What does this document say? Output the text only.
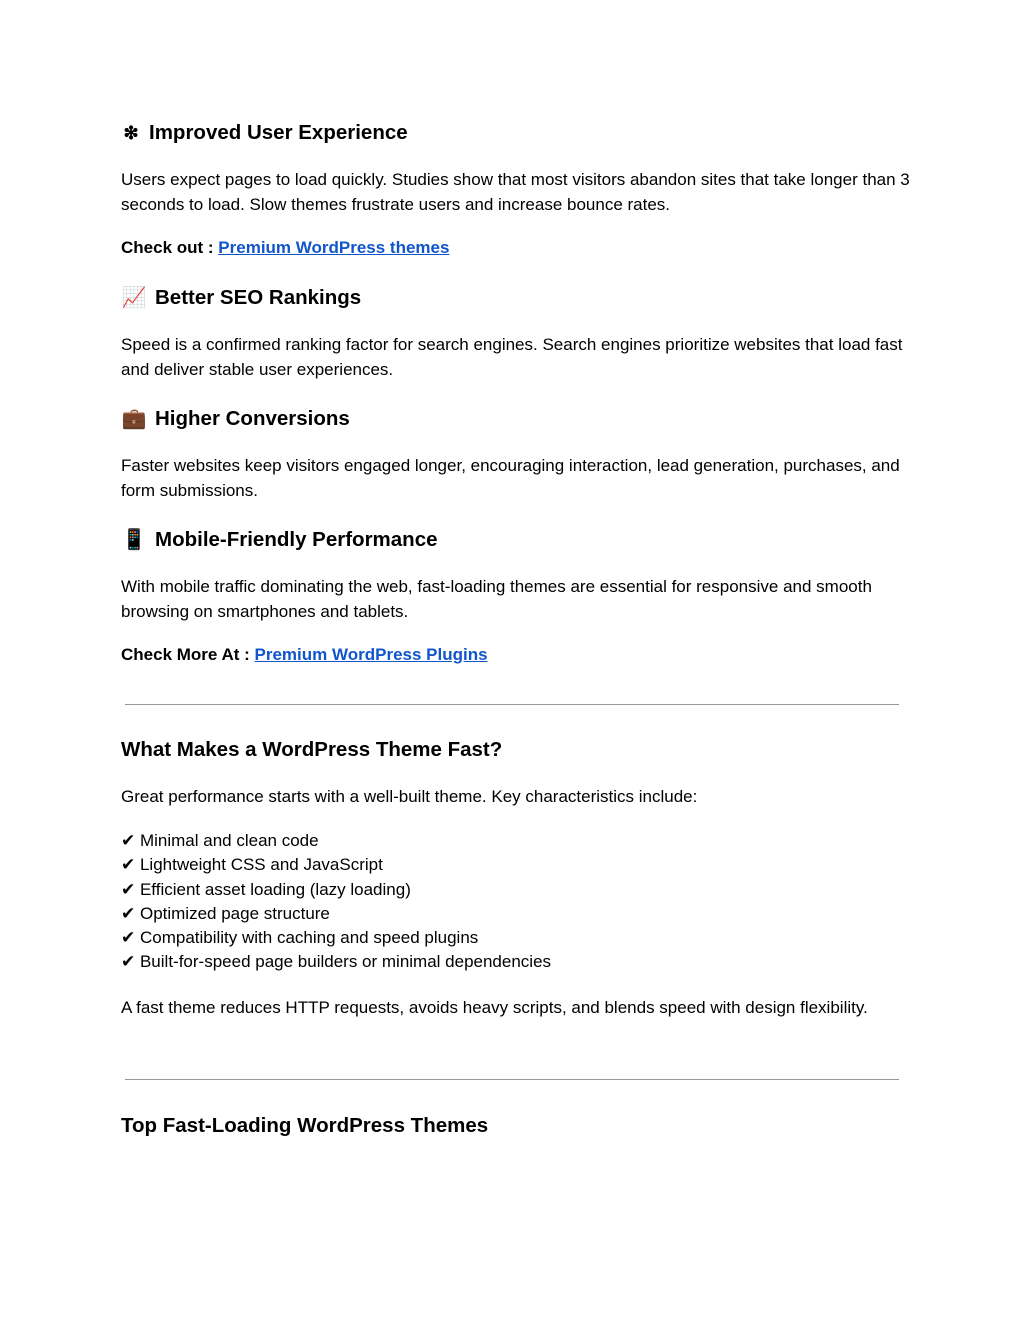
❇ Improved User Experience

Users expect pages to load quickly. Studies show that most visitors abandon sites that take longer than 3 seconds to load. Slow themes frustrate users and increase bounce rates.

Check out : Premium WordPress themes
📈 Better SEO Rankings

Speed is a confirmed ranking factor for search engines. Search engines prioritize websites that load fast and deliver stable user experiences.

💼 Higher Conversions

Faster websites keep visitors engaged longer, encouraging interaction, lead generation, purchases, and form submissions.

📱 Mobile-Friendly Performance

With mobile traffic dominating the web, fast-loading themes are essential for responsive and smooth browsing on smartphones and tablets.

Check More At : Premium WordPress Plugins
What Makes a WordPress Theme Fast?

Great performance starts with a well-built theme. Key characteristics include:

✔ Minimal and clean code
✔ Lightweight CSS and JavaScript
✔ Efficient asset loading (lazy loading)
✔ Optimized page structure
✔ Compatibility with caching and speed plugins
✔ Built-for-speed page builders or minimal dependencies

A fast theme reduces HTTP requests, avoids heavy scripts, and blends speed with design flexibility.

Top Fast-Loading WordPress Themes
